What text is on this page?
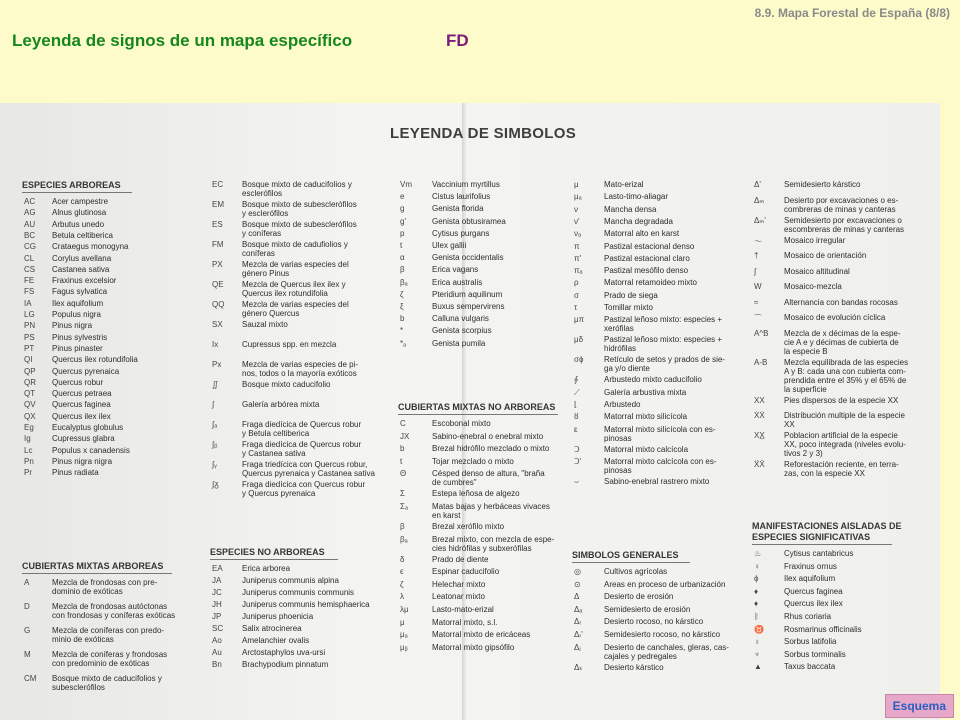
8.9. Mapa Forestal de España (8/8)
Leyenda de signos de un mapa específico	FD
LEYENDA DE SIMBOLOS
ESPECIES ARBOREAS
AC Acer campestre
AG Alnus glutinosa
AU Arbutus unedo
BC Betula celtiberica
CG Crataegus monogyna
CL Corylus avellana
CS Castanea sativa
FE Fraxinus excelsior
FS Fagus sylvatica
IA	Ilex aquifolium
LG Populus nigra
PN Pinus nigra
PS Pinus sylvestris
PT Pinus pinaster
QI Quercus ilex rotundifolia
QP Quercus pyrenaica
QR Quercus robur
QT Quercus petraea
QV Quercus faginea
QX Quercus ilex ilex
Eg Eucalyptus globulus
Ig	Cupressus glabra
Lc Populus x canadensis
Pn Pinus nigra nigra
Pr	Pinus radiata
CUBIERTAS MIXTAS ARBOREAS
A	Mezcla de frondosas con pre-
dominio de exóticas
D	Mezcla de frondosas autóctonas
con frondosas y coníferas exóticas
G	Mezcla de coníferas con predo-
minio de exóticas
M	Mezcla de coníferas y frondosas
con predominio de exóticas
CM Bosque mixto de caducifolios y
subesclerófilos
EC Bosque mixto de caducifolios y
esclerófilos
EM Bosque mixto de subesclerófilos
y esclerófilos
ES Bosque mixto de subesclerófilos
y coníferas
FM Bosque mixto de cadufiolios y
coníferas
PX Mezcla de varias especies del
género Pinus
QE Mezcla de Quercus ilex ilex y
Quercus ilex rotundifolia
QQ Mezcla de varias especies del
género Quercus
SX Sauzal mixto
Ix	Cupressus spp. en mezcla
Px	Mezcla de varias especies de pi-
nos, todos o la mayoría exóticos
∬	Bosque mixto caducifolio
∫	Galería arbórea mixta
∫ₐ	Fraga diedícica de Quercus robur
y Betula celtiberica
∫ᵦ	Fraga diedícica de Quercus robur
y Castanea sativa
∫ᵧ	Fraga triedícica con Quercus robur,
Quercus pyrenaica y Castanea sativa
∫ᵹ	Fraga diedícica con Quercus robur
y Quercus pyrenaica
ESPECIES NO ARBOREAS
EA Erica arborea
JA	Juniperus communis alpina
JC	Juniperus communis communis
JH	Juniperus communis hemisphaerica
JP	Juniperus phoenicia
SC Salix atrocinerea
Ao	Amelanchier ovalis
Au	Arctostaphylos uva-ursi
Bn	Brachypodium pinnatum
Vm	Vaccinium myrtillus
e	Cistus laurifolius
g	Genista florida
g'	Genista obtusiramea
p	Cytisus purgans
t	Ulex gallii
α	Genista occidentalis
β	Erica vagans
βₐ	Erica australis
ζ	Pteridium aquilinum
ξ	Buxus sempervirens
b	Calluna vulgaris
*	Genista scorpius
*ₐ	Genista pumila
CUBIERTAS MIXTAS NO ARBOREAS
C	Escobonal mixto
JX	Sabino-enebral o enebral mixto
b	Brezal hidrófilo mezclado o mixto
t	Tojar mezclado o mixto
Θ	Césped denso de altura, "braña
de cumbres"
Σ	Estepa leñosa de algezo
Σₐ	Matas bajas y herbáceas vivaces
en karst
β	Brezal xerófilo mixto
βₐ	Brezal mixto, con mezcla de espe-
cies hidrófilas y subxerófilas
δ	Prado de diente
ϵ	Espinar caducifolio
ζ	Helechar mixto
λ	Leatonar mixto
λμ	Lasto-mato-erizal
μ	Matorral mixto, s.l.
μₐ	Matorral mixto de ericáceas
μᵦ	Matorral mixto gipsófilo
μ	Mato-erizal
μₐ	Lasto-timo-aliagar
ν	Mancha densa
ν'	Mancha degradada
νₐ	Matorral alto en karst
π	Pastizal estacional denso
π'	Pastizal estacional claro
πₐ	Pastizal mesófilo denso
ρ	Matorral retamoideo mixto
σ	Prado de siega
τ	Tomillar mixto
μπ Pastizal leñoso mixto: especies +
xerófilas
μδ	Pastizal leñoso mixto: especies +
hidrófilas
σϕ	Retículo de setos y prados de sie-
ga y/o diente
∮	Arbustedo mixto caducifolio
⟋	Galería arbustiva mixta
⌊	Arbustedo
ȣ	Matorral mixto silicícola
ε	Matorral mixto silicícola con es-
pinosas
Ↄ	Matorral mixto calcícola
Ↄ'	Matorral mixto calcícola con es-
pinosas
⌣	Sabino-enebral rastrero mixto
SIMBOLOS GENERALES
◎	Cultivos agrícolas
⊙	Areas en proceso de urbanización
Δ	Desierto de erosión
Δₐ	Semidesierto de erosión
Δᵣ	Desierto rocoso, no kárstico
Δᵣ'	Semidesierto rocoso, no kárstico
Δⱼ	Desierto de canchales, gleras, cas-
cajales y pedregales
Δₖ	Desierto kárstico
Δ'	Semidesierto kárstico
Δₘ Desierto por excavaciones o es-
combreras de minas y canteras
Δₘ' Semidesierto por excavaciones o
escombreras de minas y canteras
〜	Mosaico irregular
†	Mosaico de orientación
∫	Mosaico altitudinal
W	Mosaico-mezcla
≈	Alternancia con bandas rocosas
⌒	Mosaico de evolución cíclica
A^B Mezcla de x décimas de la espe-
cie A e y décimas de cubierta de
la especie B
A-B Mezcla equilibrada de las especies
A y B: cada una con cubierta com-
prendida entre el 35% y el 65% de
la superficie
XX Pies dispersos de la especie XX
ẊẊ Distribución multiple de la especie
XX
XX̲ Poblacion artificial de la especie
XX, poco integrada (niveles evolu-
tivos 2 y 3)
ẌẌ Reforestación reciente, en terra-
zas, con la especie XX
MANIFESTACIONES AISLADAS DE
ESPECIES SIGNIFICATIVAS
♨	Cytisus cantabricus
♀	Fraxinus ornus
ϕ	Ilex aquifolium
♦	Quercus faginea
♦	Quercus ilex ilex
ᛒ	Rhus coriaria
♉	Rosmarinus officinalis
♁	Sorbus latifolia
♆	Sorbus torminalis
▲	Taxus baccata
Esquema
